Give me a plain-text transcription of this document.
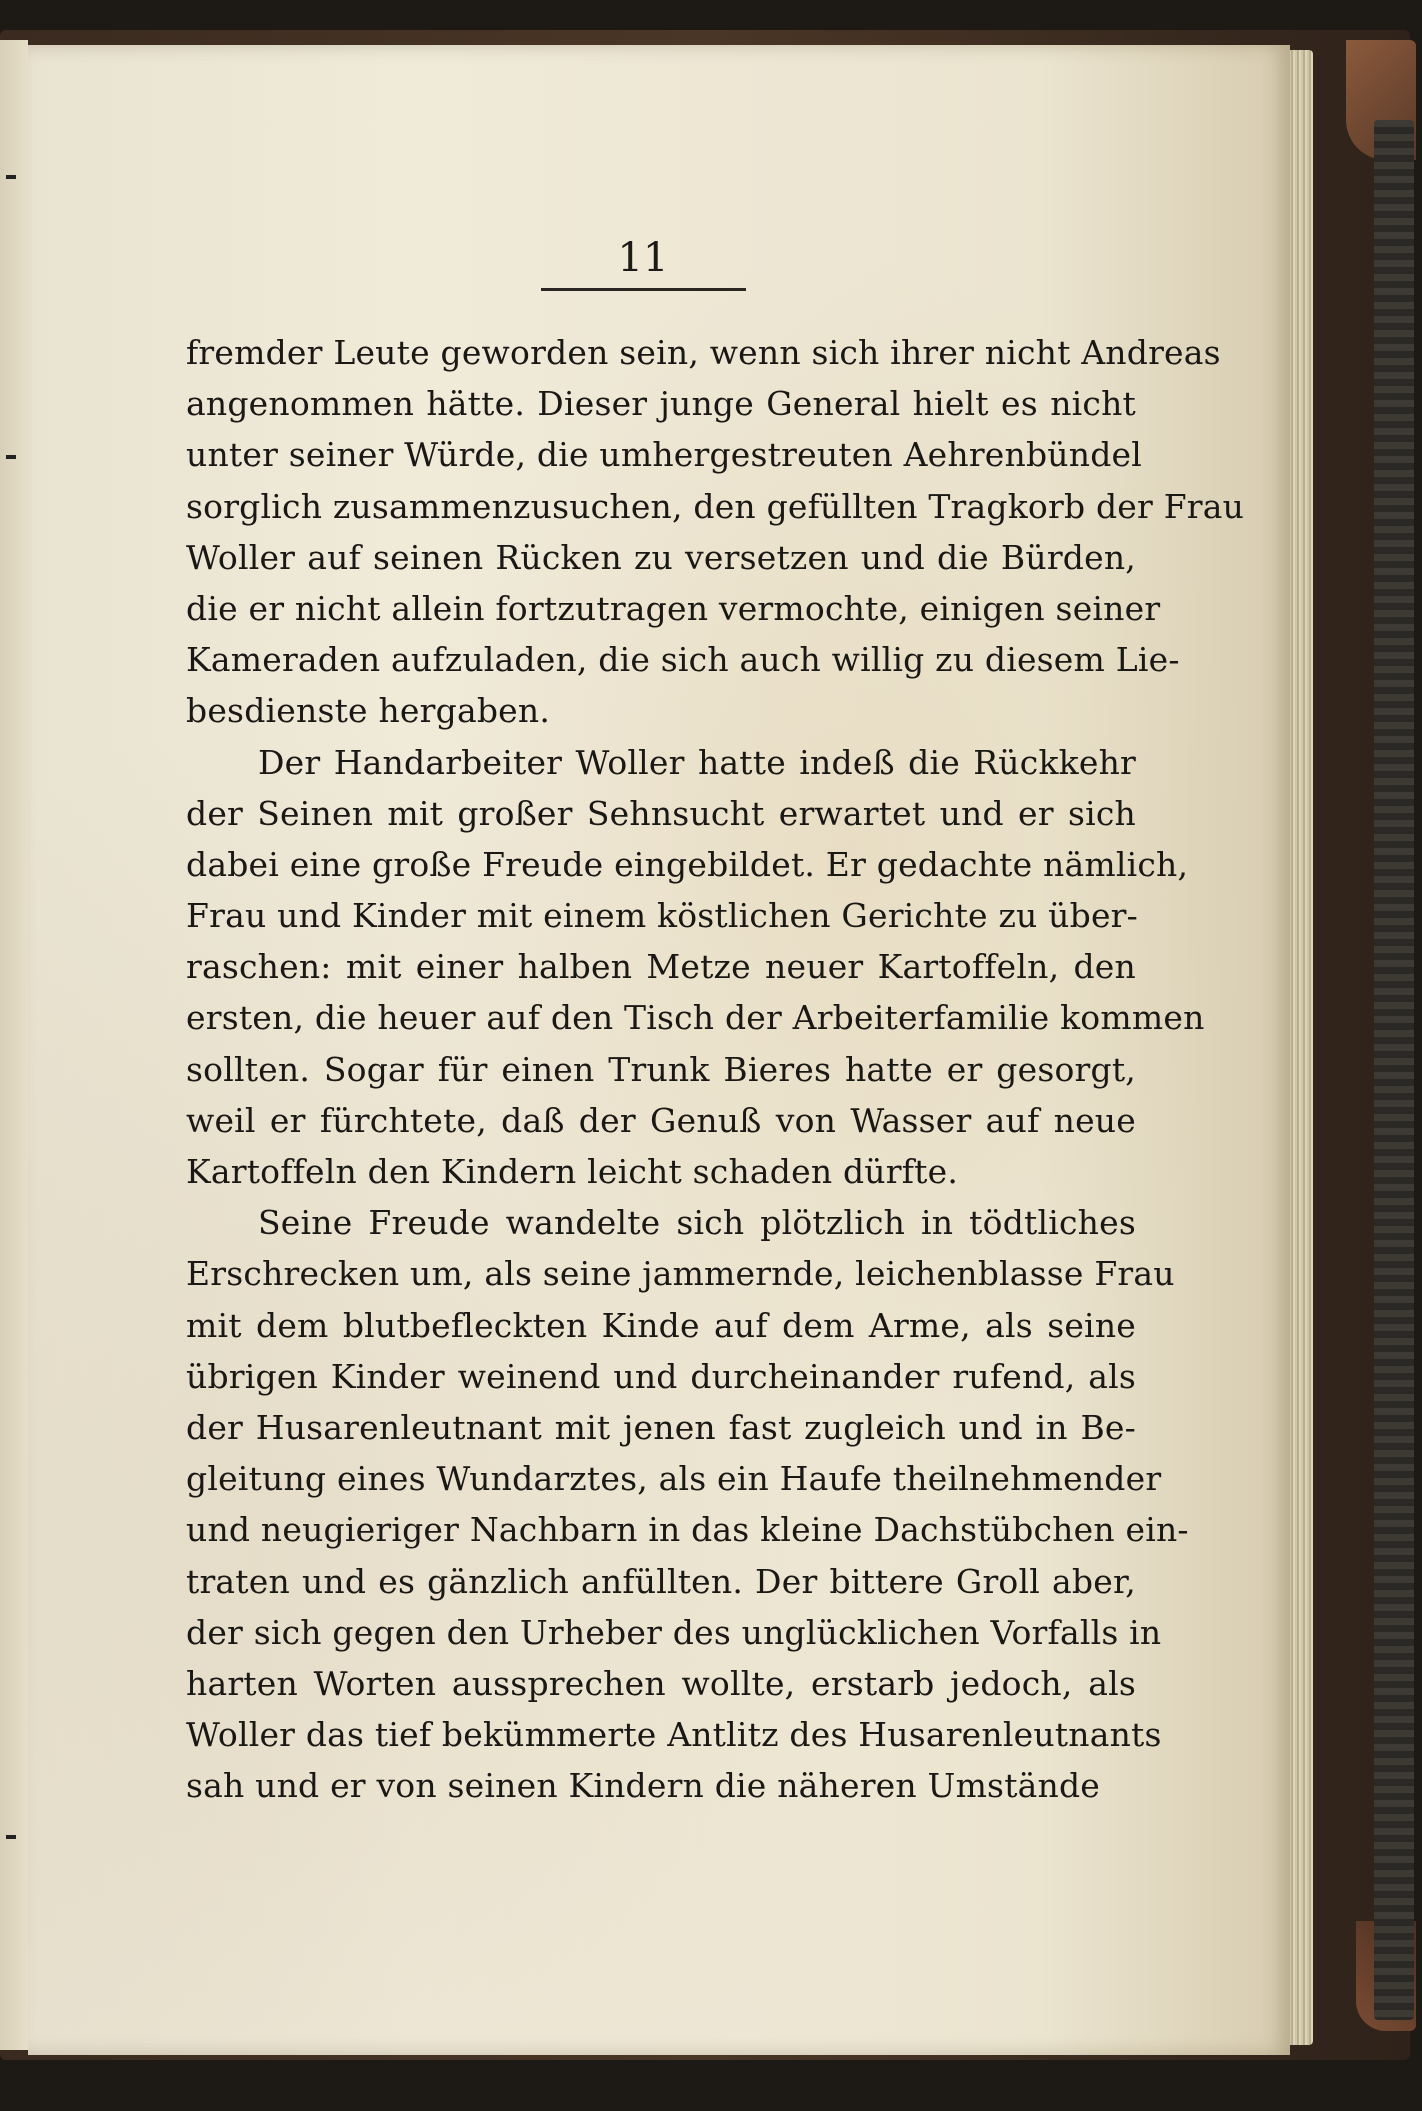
11
fremder Leute geworden sein, wenn sich ihrer nicht Andreas
angenommen hätte. Dieser junge General hielt es nicht
unter seiner Würde, die umhergestreuten Aehrenbündel
sorglich zusammenzusuchen, den gefüllten Tragkorb der Frau
Woller auf seinen Rücken zu versetzen und die Bürden,
die er nicht allein fortzutragen vermochte, einigen seiner
Kameraden aufzuladen, die sich auch willig zu diesem Lie-
besdienste hergaben.
Der Handarbeiter Woller hatte indeß die Rückkehr
der Seinen mit großer Sehnsucht erwartet und er sich
dabei eine große Freude eingebildet. Er gedachte nämlich,
Frau und Kinder mit einem köstlichen Gerichte zu über-
raschen: mit einer halben Metze neuer Kartoffeln, den
ersten, die heuer auf den Tisch der Arbeiterfamilie kommen
sollten. Sogar für einen Trunk Bieres hatte er gesorgt,
weil er fürchtete, daß der Genuß von Wasser auf neue
Kartoffeln den Kindern leicht schaden dürfte.
Seine Freude wandelte sich plötzlich in tödtliches
Erschrecken um, als seine jammernde, leichenblasse Frau
mit dem blutbefleckten Kinde auf dem Arme, als seine
übrigen Kinder weinend und durcheinander rufend, als
der Husarenleutnant mit jenen fast zugleich und in Be-
gleitung eines Wundarztes, als ein Haufe theilnehmender
und neugieriger Nachbarn in das kleine Dachstübchen ein-
traten und es gänzlich anfüllten. Der bittere Groll aber,
der sich gegen den Urheber des unglücklichen Vorfalls in
harten Worten aussprechen wollte, erstarb jedoch, als
Woller das tief bekümmerte Antlitz des Husarenleutnants
sah und er von seinen Kindern die näheren Umstände
